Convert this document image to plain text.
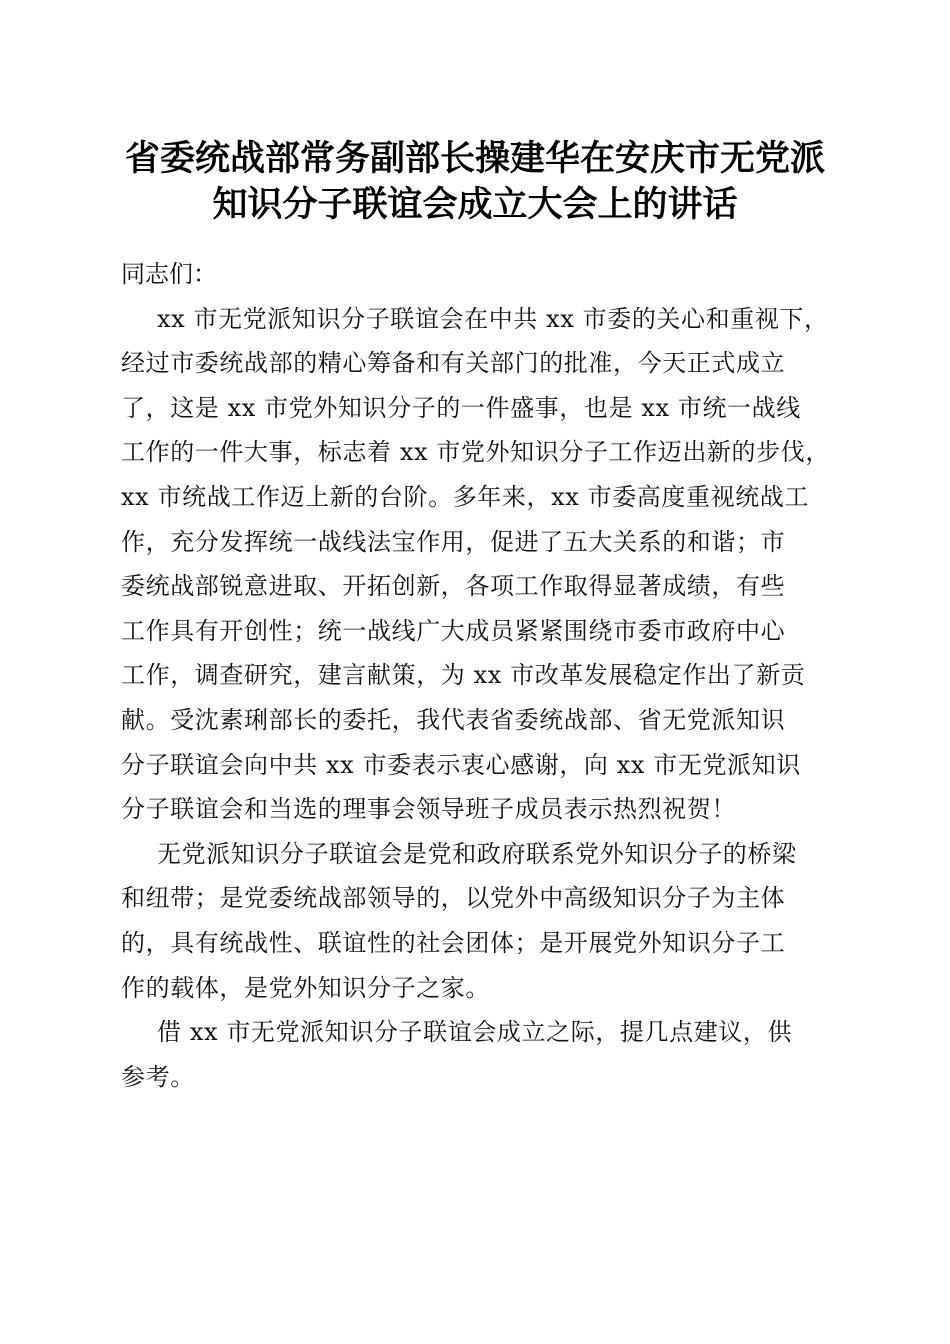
省委统战部常务副部长操建华在安庆市无党派
知识分子联谊会成立大会上的讲话

同志们：

xx 市无党派知识分子联谊会在中共 xx 市委的关心和重视下，
经过市委统战部的精心筹备和有关部门的批准，今天正式成立
了，这是 xx 市党外知识分子的一件盛事，也是 xx 市统一战线
工作的一件大事，标志着 xx 市党外知识分子工作迈出新的步伐，
xx 市统战工作迈上新的台阶。多年来，xx 市委高度重视统战工
作，充分发挥统一战线法宝作用，促进了五大关系的和谐；市
委统战部锐意进取、开拓创新，各项工作取得显著成绩，有些
工作具有开创性；统一战线广大成员紧紧围绕市委市政府中心
工作，调查研究，建言献策，为 xx 市改革发展稳定作出了新贡
献。受沈素琍部长的委托，我代表省委统战部、省无党派知识
分子联谊会向中共 xx 市委表示衷心感谢，向 xx 市无党派知识
分子联谊会和当选的理事会领导班子成员表示热烈祝贺！

无党派知识分子联谊会是党和政府联系党外知识分子的桥梁
和纽带；是党委统战部领导的，以党外中高级知识分子为主体
的，具有统战性、联谊性的社会团体；是开展党外知识分子工
作的载体，是党外知识分子之家。

借 xx 市无党派知识分子联谊会成立之际，提几点建议，供
参考。
